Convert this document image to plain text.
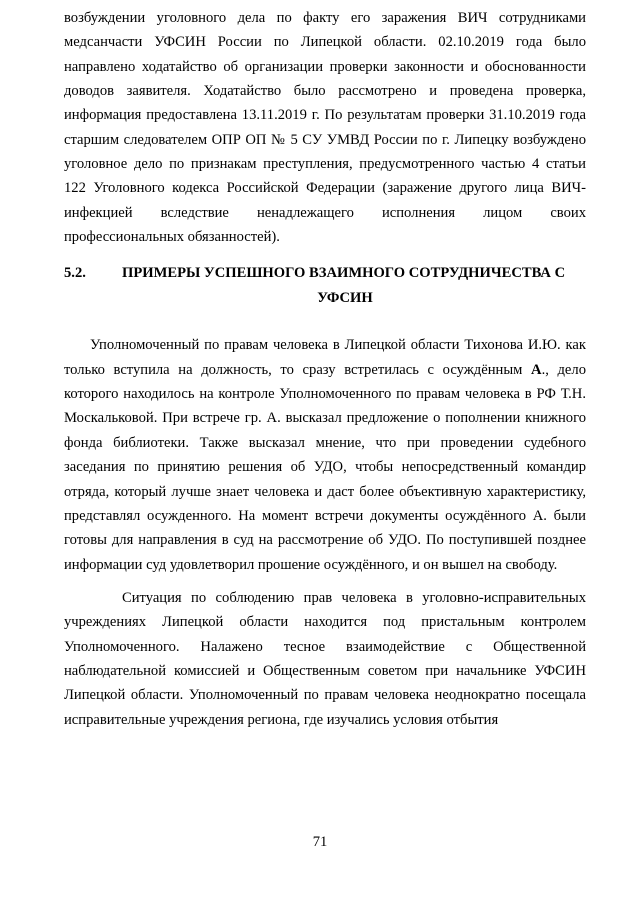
возбуждении уголовного дела по факту его заражения ВИЧ сотрудниками медсанчасти УФСИН России по Липецкой области. 02.10.2019 года было направлено ходатайство об организации проверки законности и обоснованности доводов заявителя. Ходатайство было рассмотрено и проведена проверка, информация предоставлена 13.11.2019 г. По результатам проверки 31.10.2019 года старшим следователем ОПР ОП № 5 СУ УМВД России по г. Липецку возбуждено уголовное дело по признакам преступления, предусмотренного частью 4 статьи 122 Уголовного кодекса Российской Федерации (заражение другого лица ВИЧ-инфекцией вследствие ненадлежащего исполнения лицом своих профессиональных обязанностей).

5.2.	ПРИМЕРЫ УСПЕШНОГО ВЗАИМНОГО СОТРУДНИЧЕСТВА С
УФСИН

Уполномоченный по правам человека в Липецкой области Тихонова И.Ю. как только вступила на должность, то сразу встретилась с осуждённым А., дело которого находилось на контроле Уполномоченного по правам человека в РФ Т.Н. Москальковой. При встрече гр. А. высказал предложение о пополнении книжного фонда библиотеки. Также высказал мнение, что при проведении судебного заседания по принятию решения об УДО, чтобы непосредственный командир отряда, который лучше знает человека и даст более объективную характеристику, представлял осужденного. На момент встречи документы осуждённого А. были готовы для направления в суд на рассмотрение об УДО. По поступившей позднее информации суд удовлетворил прошение осуждённого, и он вышел на свободу.

Ситуация по соблюдению прав человека в уголовно-исправительных учреждениях Липецкой области находится под пристальным контролем Уполномоченного. Налажено тесное взаимодействие с Общественной наблюдательной комиссией и Общественным советом при начальнике УФСИН Липецкой области. Уполномоченный по правам человека неоднократно посещала исправительные учреждения региона, где изучались условия отбытия

71
